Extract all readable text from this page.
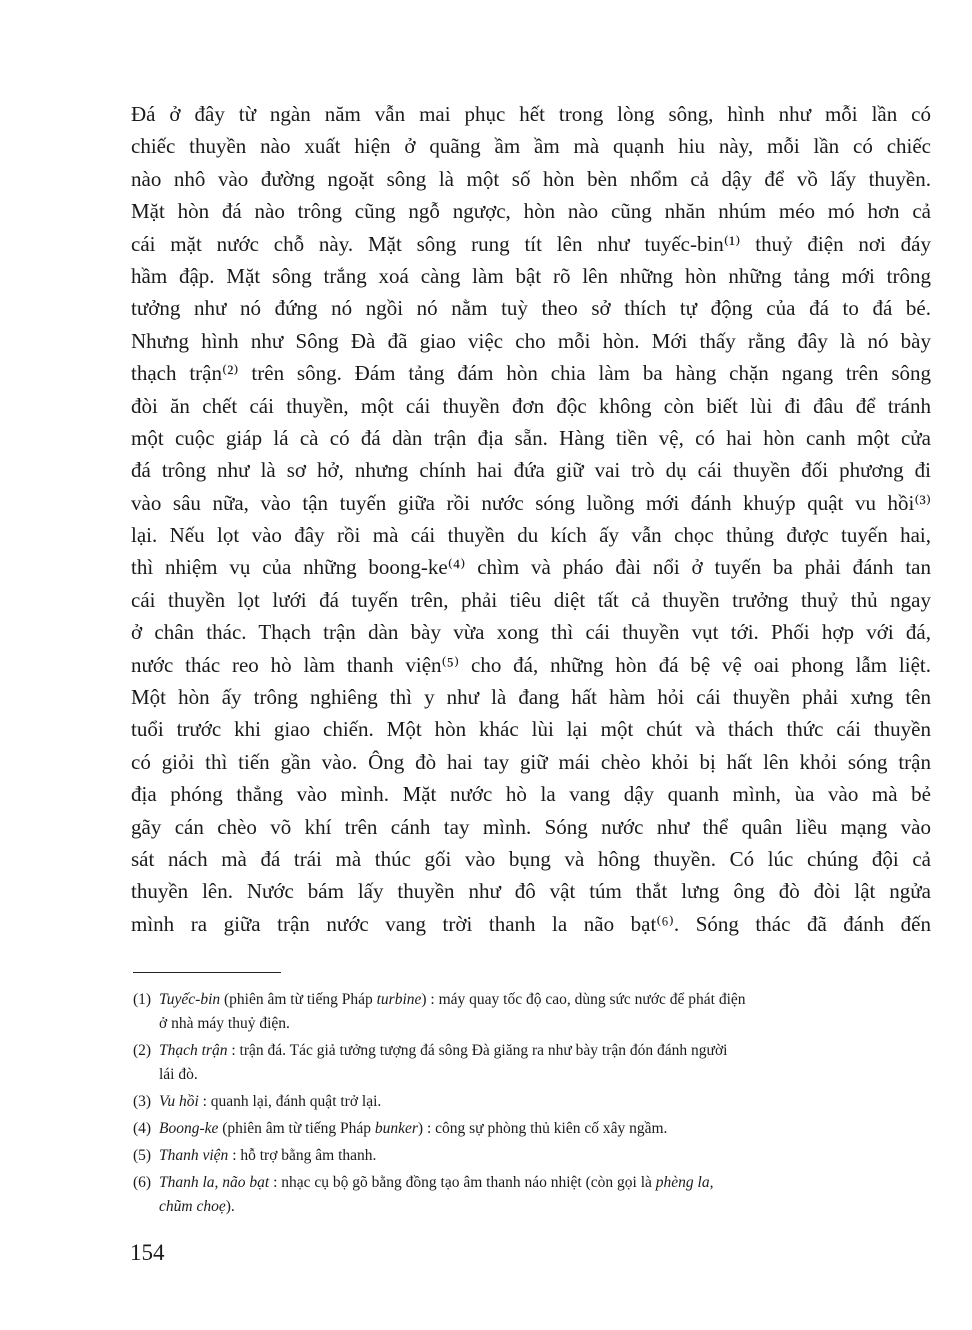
Đá ở đây từ ngàn năm vẫn mai phục hết trong lòng sông, hình như mỗi lần có
chiếc thuyền nào xuất hiện ở quãng ầm ầm mà quạnh hiu này, mỗi lần có chiếc
nào nhô vào đường ngoặt sông là một số hòn bèn nhổm cả dậy để vồ lấy thuyền.
Mặt hòn đá nào trông cũng ngỗ ngược, hòn nào cũng nhăn nhúm méo mó hơn cả
cái mặt nước chỗ này. Mặt sông rung tít lên như tuyếc-bin⁽¹⁾ thuỷ điện nơi đáy
hầm đập. Mặt sông trắng xoá càng làm bật rõ lên những hòn những tảng mới trông
tưởng như nó đứng nó ngồi nó nằm tuỳ theo sở thích tự động của đá to đá bé.
Nhưng hình như Sông Đà đã giao việc cho mỗi hòn. Mới thấy rằng đây là nó bày
thạch trận⁽²⁾ trên sông. Đám tảng đám hòn chia làm ba hàng chặn ngang trên sông
đòi ăn chết cái thuyền, một cái thuyền đơn độc không còn biết lùi đi đâu để tránh
một cuộc giáp lá cà có đá dàn trận địa sẵn. Hàng tiền vệ, có hai hòn canh một cửa
đá trông như là sơ hở, nhưng chính hai đứa giữ vai trò dụ cái thuyền đối phương đi
vào sâu nữa, vào tận tuyến giữa rồi nước sóng luồng mới đánh khuýp quật vu hồi⁽³⁾
lại. Nếu lọt vào đây rồi mà cái thuyền du kích ấy vẫn chọc thủng được tuyến hai,
thì nhiệm vụ của những boong-ke⁽⁴⁾ chìm và pháo đài nổi ở tuyến ba phải đánh tan
cái thuyền lọt lưới đá tuyến trên, phải tiêu diệt tất cả thuyền trưởng thuỷ thủ ngay
ở chân thác. Thạch trận dàn bày vừa xong thì cái thuyền vụt tới. Phối hợp với đá,
nước thác reo hò làm thanh viện⁽⁵⁾ cho đá, những hòn đá bệ vệ oai phong lẫm liệt.
Một hòn ấy trông nghiêng thì y như là đang hất hàm hỏi cái thuyền phải xưng tên
tuổi trước khi giao chiến. Một hòn khác lùi lại một chút và thách thức cái thuyền
có giỏi thì tiến gần vào. Ông đò hai tay giữ mái chèo khỏi bị hất lên khỏi sóng trận
địa phóng thẳng vào mình. Mặt nước hò la vang dậy quanh mình, ùa vào mà bẻ
gãy cán chèo võ khí trên cánh tay mình. Sóng nước như thể quân liều mạng vào
sát nách mà đá trái mà thúc gối vào bụng và hông thuyền. Có lúc chúng đội cả
thuyền lên. Nước bám lấy thuyền như đô vật túm thắt lưng ông đò đòi lật ngửa
mình ra giữa trận nước vang trời thanh la não bạt⁽⁶⁾. Sóng thác đã đánh đến
(1) Tuyếc-bin (phiên âm từ tiếng Pháp turbine) : máy quay tốc độ cao, dùng sức nước để phát điện
ở nhà máy thuỷ điện.
(2) Thạch trận : trận đá. Tác giả tưởng tượng đá sông Đà giăng ra như bày trận đón đánh người
lái đò.
(3) Vu hồi : quanh lại, đánh quật trở lại.
(4) Boong-ke (phiên âm từ tiếng Pháp bunker) : công sự phòng thủ kiên cố xây ngầm.
(5) Thanh viện : hỗ trợ bằng âm thanh.
(6) Thanh la, não bạt : nhạc cụ bộ gõ bằng đồng tạo âm thanh náo nhiệt (còn gọi là phèng la,
chũm choẹ).
154
